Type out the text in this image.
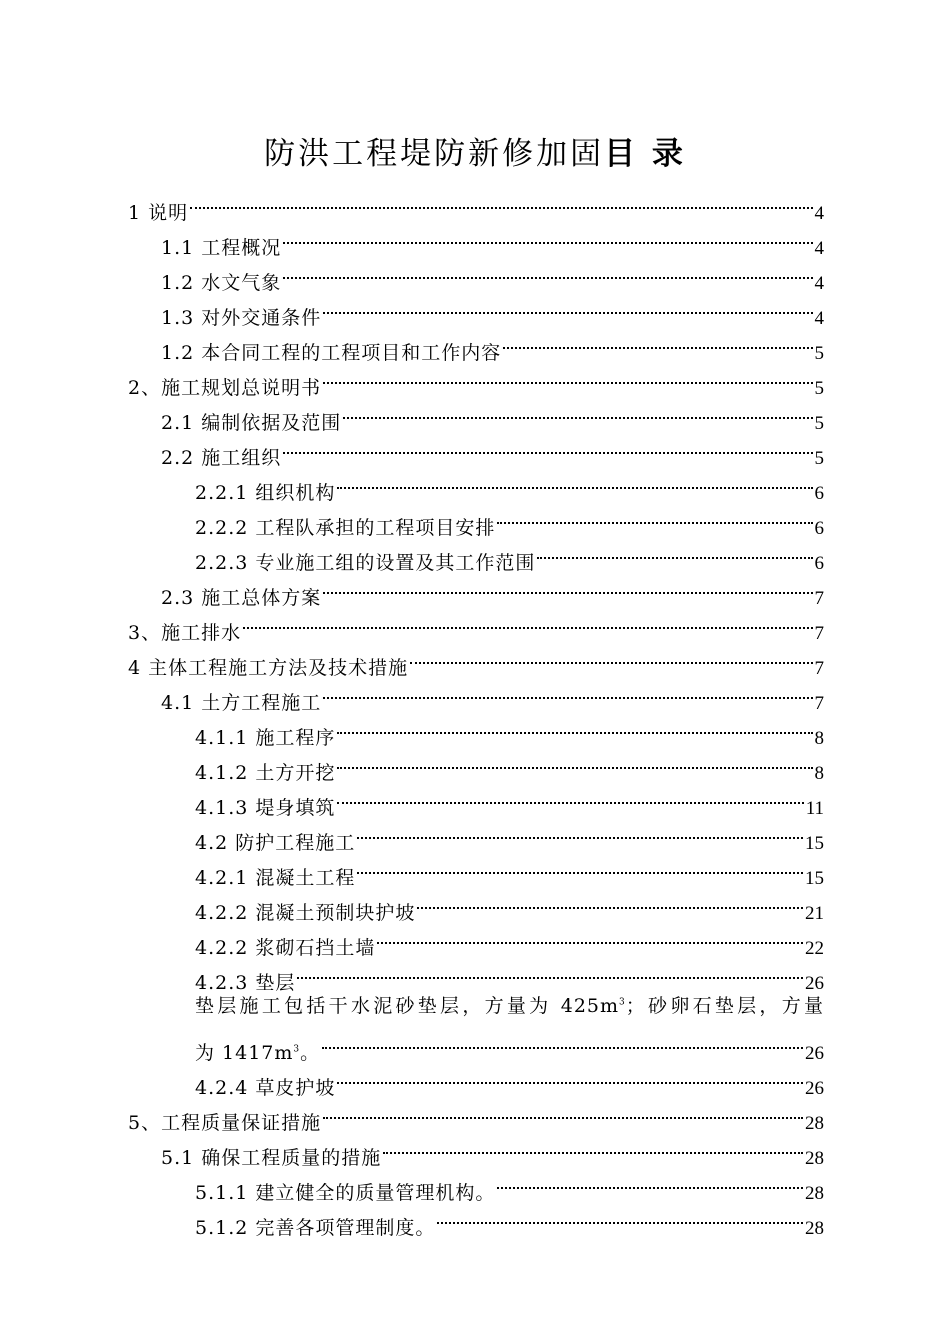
防洪工程堤防新修加固目 录
1 说明	4
1.1 工程概况	4
1.2 水文气象	4
1.3 对外交通条件	4
1.2 本合同工程的工程项目和工作内容	5
2、施工规划总说明书	5
2.1 编制依据及范围	5
2.2 施工组织	5
2.2.1 组织机构	6
2.2.2 工程队承担的工程项目安排	6
2.2.3 专业施工组的设置及其工作范围	6
2.3 施工总体方案	7
3、施工排水	7
4 主体工程施工方法及技术措施	7
4.1 土方工程施工	7
4.1.1 施工程序	8
4.1.2 土方开挖	8
4.1.3 堤身填筑	11
4.2 防护工程施工	15
4.2.1 混凝土工程	15
4.2.2 混凝土预制块护坡	21
4.2.2 浆砌石挡土墙	22
4.2.3 垫层	26
垫层施工包括干水泥砂垫层，方量为 $425m^3$；砂卵石垫层，方量
为 $1417m^3$。	26
4.2.4 草皮护坡	26
5、工程质量保证措施	28
5.1 确保工程质量的措施	28
5.1.1 建立健全的质量管理机构。	28
5.1.2 完善各项管理制度。	28
